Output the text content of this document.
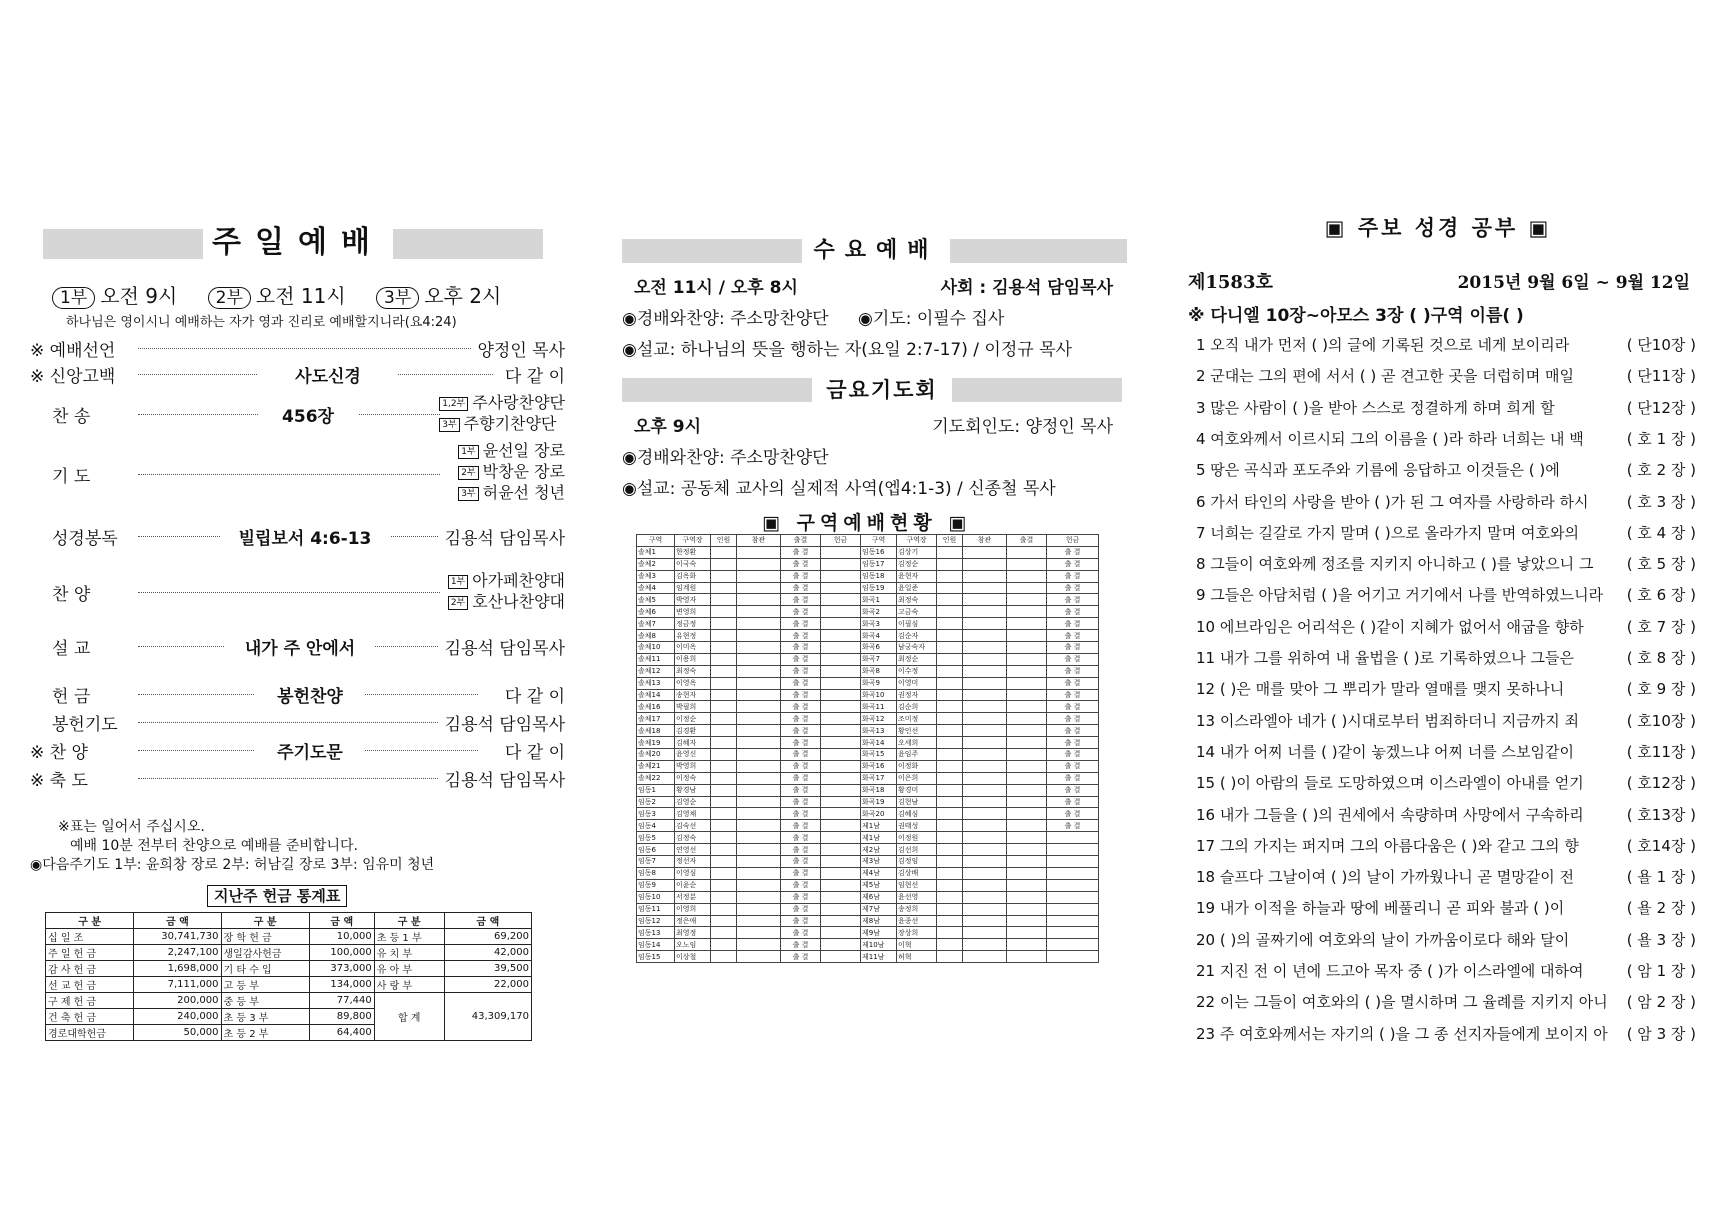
주일예배
1부 오전 9시 2부 오전 11시 3부 오후 2시
하나님은 영이시니 예배하는 자가 영과 진리로 예배할지니라(요4:24)
※ 예배선언	양정인 목사
※ 신앙고백	사도신경	다 같 이
찬 송	456장
1,2부 주사랑찬양단
3부 주향기찬양단
기 도
1부 윤선일 장로
2부 박창운 장로
3부 허윤선 청년
성경봉독	빌립보서 4:6-13	김용석 담임목사
찬 양
1부 아가페찬양대
2부 호산나찬양대
설 교	내가 주 안에서	김용석 담임목사
헌 금	봉헌찬양	다 같 이
봉헌기도	김용석 담임목사
※ 찬 양	주기도문	다 같 이
※ 축 도	김용석 담임목사
※표는 일어서 주십시오.
예배 10분 전부터 찬양으로 예배를 준비합니다.
◉다음주기도 1부: 윤희창 장로 2부: 허남길 장로 3부: 임유미 청년
지난주 헌금 통계표
구 분	금 액	구 분	금 액	구 분	금 액
십 일 조	30,741,730	장 학 헌 금	10,000	초 등 1 부	69,200
주 일 헌 금	2,247,100	생일감사헌금	100,000	유 치 부	42,000
감 사 헌 금	1,698,000	기 타 수 입	373,000	유 아 부	39,500
선 교 헌 금	7,111,000	고 등 부	134,000	사 랑 부	22,000
구 제 헌 금	200,000	중 등 부	77,440	합 계	43,309,170
건 축 헌 금	240,000	초 등 3 부	89,800		
경로대학헌금	50,000	초 등 2 부	64,400		
수요예배
오전 11시 / 오후 8시	사회 : 김용석 담임목사
◉경배와찬양: 주소망찬양단 ◉기도: 이필수 집사
◉설교: 하나님의 뜻을 행하는 자(요일 2:7-17) / 이정규 목사
금요기도회
오후 9시	기도회인도: 양정인 목사
◉경배와찬양: 주소망찬양단
◉설교: 공동체 교사의 실제적 사역(엡4:1-3) / 신종철 목사
▣ 구역예배현황 ▣
구역	구역장	인원	참관	출결	헌금	구역	구역장	인원	참관	출결	헌금
솔체1	한정환			출 결		임동16	김상기				출 결
솔체2	이국숙			출 결		임동17	김정순				출 결
솔체3	김옥화			출 결		임동18	윤현자				출 결
솔체4	임계원			출 결		임동19	윤일준				출 결
솔체5	박영자			출 결		화곡1	최정숙				출 결
솔체6	변영희			출 결		화곡2	고금숙				출 결
솔체7	정금정			출 결		화곡3	이필심				출 결
솔체8	유현정			출 결		화곡4	김순자				출 결
솔체10	이미옥			출 결		화곡6	남궁숙자				출 결
솔체11	이용희			출 결		화곡7	최정순				출 결
솔체12	최정숙			출 결		화곡8	이수정				출 결
솔체13	이영옥			출 결		화곡9	이영미				출 결
솔체14	송현자			출 결		화곡10	권정자				출 결
솔체16	박필희			출 결		화곡11	김순희				출 결
솔체17	이정순			출 결		화곡12	조미정				출 결
솔체18	김경환			출 결		화곡13	황인선				출 결
솔체19	김혜자			출 결		화곡14	오세희				출 결
솔체20	윤영신			출 결		화곡15	윤임주				출 결
솔체21	박영희			출 결		화곡16	이정화				출 결
솔체22	이정숙			출 결		화곡17	이은희				출 결
임동1	황경남			출 결		화곡18	황경미				출 결
임동2	김영순			출 결		화곡19	김현남				출 결
임동3	김영채			출 결		화곡20	김혜심				출 결
임동4	김숙선			출 결		제1남	권태성				출 결
임동5	김정숙			출 결		제1남	이정원				
임동6	연영선			출 결		제2남	김선희				
임동7	정선자			출 결		제3남	김정임				
임동8	이영심			출 결		제4남	김상배				
임동9	이윤순			출 결		제5남	임현선				
임동10	서정분			출 결		제6남	윤선영				
임동11	이영희			출 결		제7남	송정희				
임동12	정은애			출 결		제8남	윤종선				
임동13	최영정			출 결		제9남	장상희				
임동14	오노임			출 결		제10남	이혁				
임동15	이상철			출 결		제11남	허혁				
▣ 주보 성경 공부 ▣
제1583호	2015년 9월 6일 ~ 9월 12일
※ 다니엘 10장~아모스 3장 ( )구역 이름( )
1 오직 내가 먼저 ( )의 글에 기록된 것으로 네게 보이리라	( 단10장 )
2 군대는 그의 편에 서서 ( ) 곧 견고한 곳을 더럽히며 매일	( 단11장 )
3 많은 사람이 ( )을 받아 스스로 정결하게 하며 희게 할	( 단12장 )
4 여호와께서 이르시되 그의 이름을 ( )라 하라 너희는 내 백	( 호 1 장 )
5 땅은 곡식과 포도주와 기름에 응답하고 이것들은 ( )에	( 호 2 장 )
6 가서 타인의 사랑을 받아 ( )가 된 그 여자를 사랑하라 하시	( 호 3 장 )
7 너희는 길갈로 가지 말며 ( )으로 올라가지 말며 여호와의	( 호 4 장 )
8 그들이 여호와께 정조를 지키지 아니하고 ( )를 낳았으니 그 ( 호 5 장 )
9 그들은 아담처럼 ( )을 어기고 거기에서 나를 반역하였느니라 ( 호 6 장 )
10 에브라임은 어리석은 ( )같이 지혜가 없어서 애굽을 향하	( 호 7 장 )
11 내가 그를 위하여 내 율법을 ( )로 기록하였으나 그들은	( 호 8 장 )
12 ( )은 매를 맞아 그 뿌리가 말라 열매를 맺지 못하나니	( 호 9 장 )
13 이스라엘아 네가 ( )시대로부터 범죄하더니 지금까지 죄	( 호10장 )
14 내가 어찌 너를 ( )같이 놓겠느냐 어찌 너를 스보임같이	( 호11장 )
15 ( )이 아람의 들로 도망하였으며 이스라엘이 아내를 얻기	( 호12장 )
16 내가 그들을 ( )의 권세에서 속량하며 사망에서 구속하리	( 호13장 )
17 그의 가지는 퍼지며 그의 아름다움은 ( )와 같고 그의 향	( 호14장 )
18 슬프다 그날이여 ( )의 날이 가까웠나니 곧 멸망같이 전	( 욜 1 장 )
19 내가 이적을 하늘과 땅에 베풀리니 곧 피와 불과 ( )이	( 욜 2 장 )
20 ( )의 골짜기에 여호와의 날이 가까움이로다 해와 달이	( 욜 3 장 )
21 지진 전 이 년에 드고아 목자 중 ( )가 이스라엘에 대하여	( 암 1 장 )
22 이는 그들이 여호와의 ( )을 멸시하며 그 율례를 지키지 아니 ( 암 2 장 )
23 주 여호와께서는 자기의 ( )을 그 종 선지자들에게 보이지 아 ( 암 3 장 )
